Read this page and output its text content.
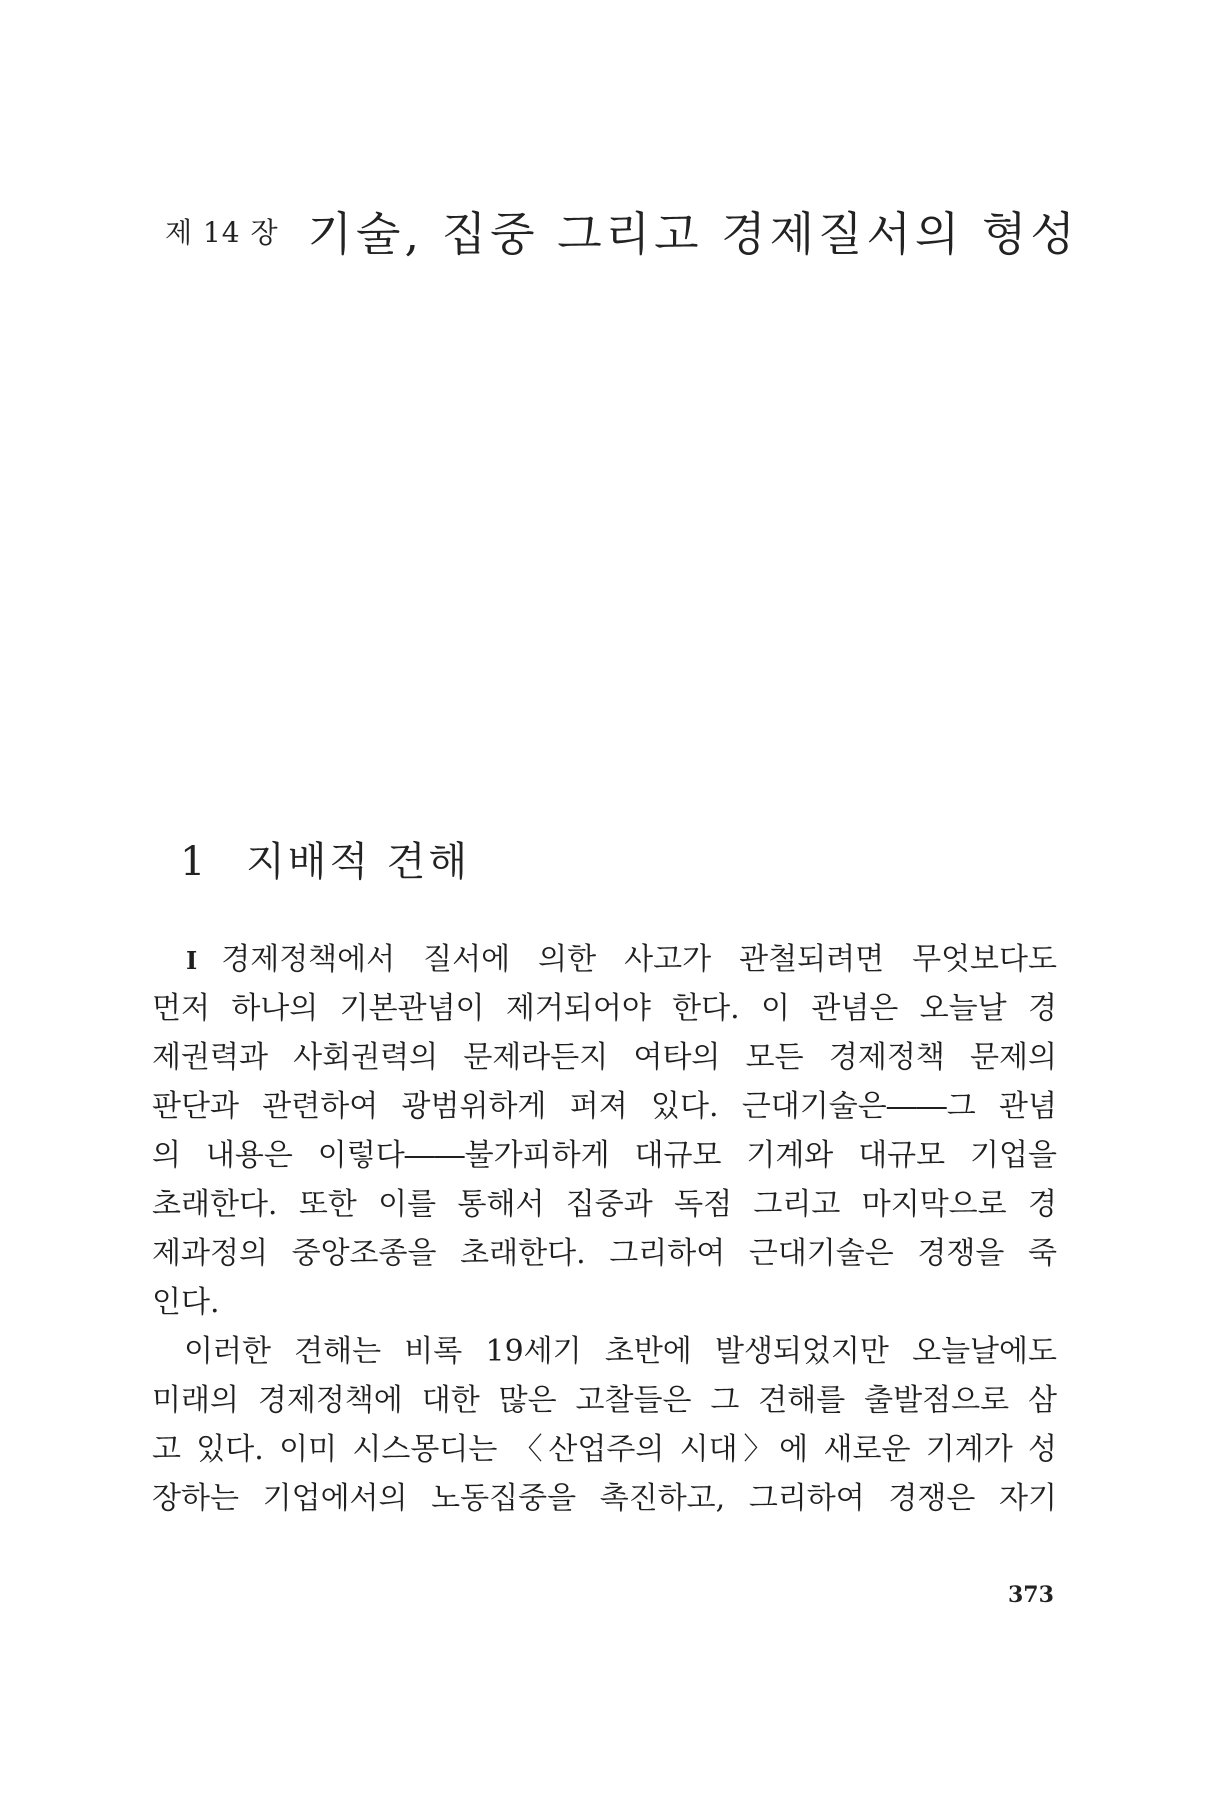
제 14 장 기술, 집중 그리고 경제질서의 형성
1 지배적 견해
I 경제정책에서 질서에 의한 사고가 관철되려면 무엇보다도
먼저 하나의 기본관념이 제거되어야 한다. 이 관념은 오늘날 경
제권력과 사회권력의 문제라든지 여타의 모든 경제정책 문제의
판단과 관련하여 광범위하게 퍼져 있다. 근대기술은――그 관념
의 내용은 이렇다――불가피하게 대규모 기계와 대규모 기업을
초래한다. 또한 이를 통해서 집중과 독점 그리고 마지막으로 경
제과정의 중앙조종을 초래한다. 그리하여 근대기술은 경쟁을 죽
인다.
이러한 견해는 비록 19세기 초반에 발생되었지만 오늘날에도
미래의 경제정책에 대한 많은 고찰들은 그 견해를 출발점으로 삼
고 있다. 이미 시스몽디는 〈산업주의 시대〉에 새로운 기계가 성
장하는 기업에서의 노동집중을 촉진하고, 그리하여 경쟁은 자기
373
